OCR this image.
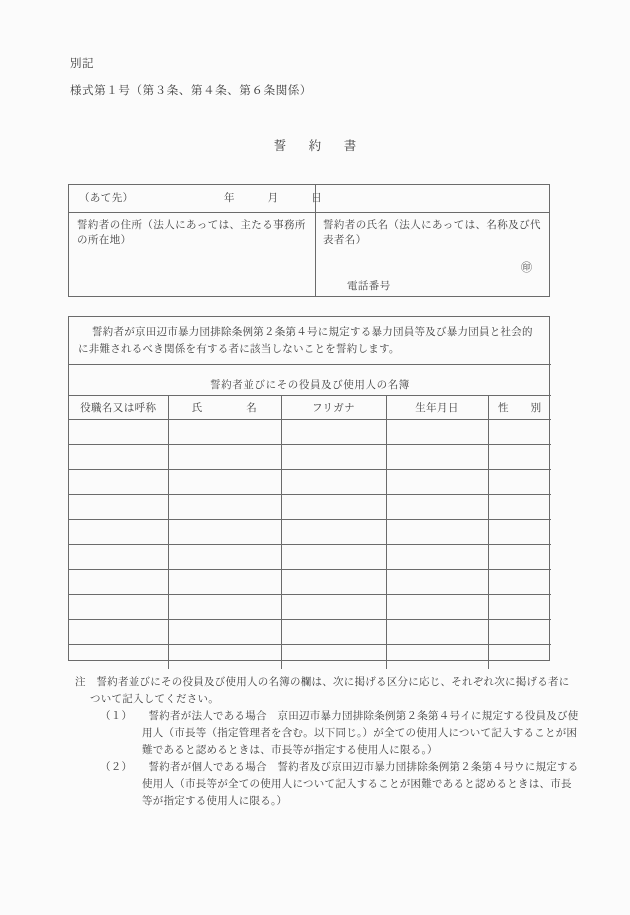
別記
様式第１号（第３条、第４条、第６条関係）
誓　約　書
（あて先）	年　　　月　　　日
誓約者の住所（法人にあっては、主たる事務所の所在地）
誓約者の氏名（法人にあっては、名称及び代表者名）
㊞
電話番号
誓約者が京田辺市暴力団排除条例第２条第４号に規定する暴力団員等及び暴力団員と社会的に非難されるべき関係を有する者に該当しないことを誓約します。
誓約者並びにその役員及び使用人の名簿
役職名又は呼称	氏　　　　名	フリガナ	生年月日	性　　別

注　誓約者並びにその役員及び使用人の名簿の欄は、次に掲げる区分に応じ、それぞれ次に掲げる者について記入してください。
（１）　　誓約者が法人である場合　京田辺市暴力団排除条例第２条第４号イに規定する役員及び使用人（市長等（指定管理者を含む。以下同じ。）が全ての使用人について記入することが困難であると認めるときは、市長等が指定する使用人に限る。）
（２）　　誓約者が個人である場合　誓約者及び京田辺市暴力団排除条例第２条第４号ウに規定する使用人（市長等が全ての使用人について記入することが困難であると認めるときは、市長等が指定する使用人に限る。）
